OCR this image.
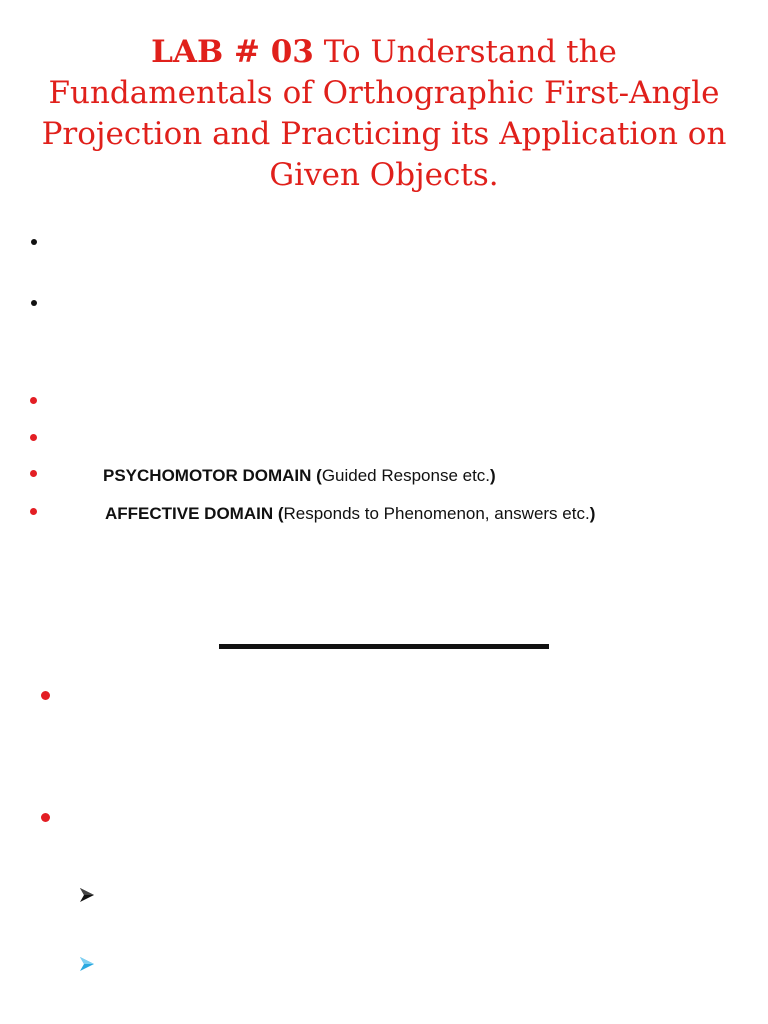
LAB # 03 To Understand the Fundamentals of Orthographic First-Angle Projection and Practicing its Application on Given Objects.
PSYCHOMOTOR DOMAIN (Guided Response etc.)
AFFECTIVE DOMAIN (Responds to Phenomenon, answers etc.)
